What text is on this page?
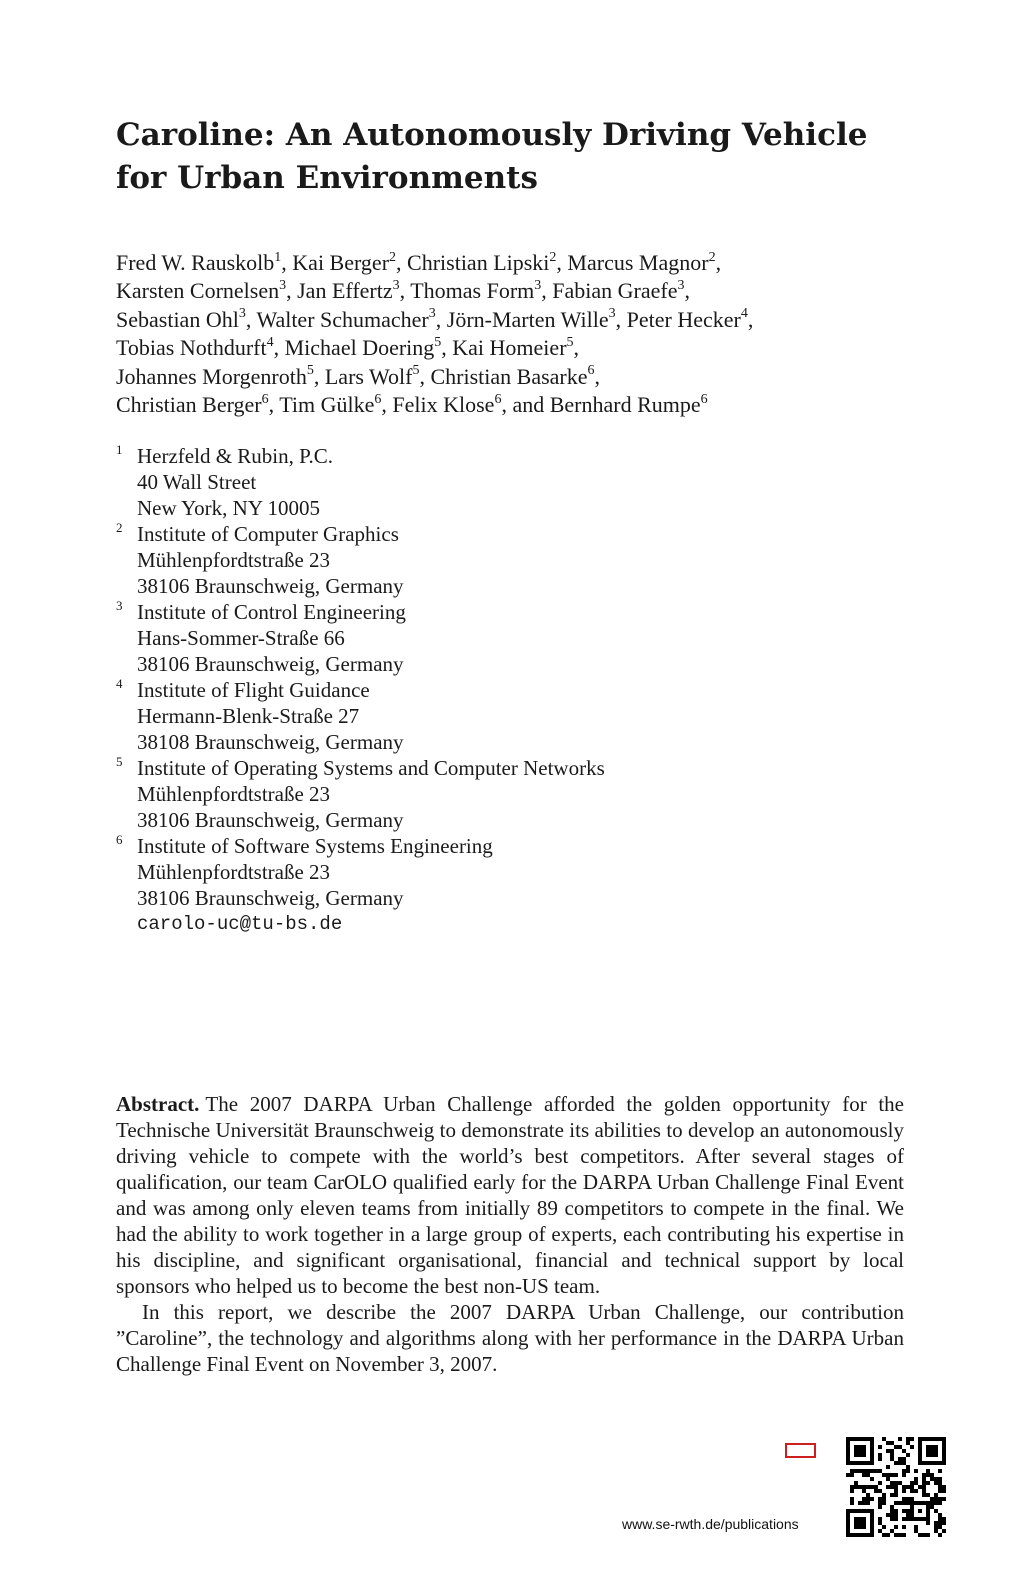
Caroline: An Autonomously Driving Vehicle for Urban Environments
Fred W. Rauskolb$^1$, Kai Berger$^2$, Christian Lipski$^2$, Marcus Magnor$^2$,
Karsten Cornelsen$^3$, Jan Effertz$^3$, Thomas Form$^3$, Fabian Graefe$^3$,
Sebastian Ohl$^3$, Walter Schumacher$^3$, Jörn-Marten Wille$^3$, Peter Hecker$^4$,
Tobias Nothdurft$^4$, Michael Doering$^5$, Kai Homeier$^5$,
Johannes Morgenroth$^5$, Lars Wolf$^5$, Christian Basarke$^6$,
Christian Berger$^6$, Tim Gülke$^6$, Felix Klose$^6$, and Bernhard Rumpe$^6$
1 Herzfeld & Rubin, P.C.
40 Wall Street
New York, NY 10005
2 Institute of Computer Graphics
Mühlenpfordtstraße 23
38106 Braunschweig, Germany
3 Institute of Control Engineering
Hans-Sommer-Straße 66
38106 Braunschweig, Germany
4 Institute of Flight Guidance
Hermann-Blenk-Straße 27
38108 Braunschweig, Germany
5 Institute of Operating Systems and Computer Networks
Mühlenpfordtstraße 23
38106 Braunschweig, Germany
6 Institute of Software Systems Engineering
Mühlenpfordtstraße 23
38106 Braunschweig, Germany
carolo-uc@tu-bs.de

Abstract. The 2007 DARPA Urban Challenge afforded the golden opportunity for the Technische Universität Braunschweig to demonstrate its abilities to develop an autonomously driving vehicle to compete with the world’s best competitors. After several stages of qualification, our team CarOLO qualified early for the DARPA Urban Challenge Final Event and was among only eleven teams from initially 89 competitors to compete in the final. We had the ability to work together in a large group of experts, each contributing his expertise in his discipline, and significant organisational, financial and technical support by local sponsors who helped us to become the best non-US team.

In this report, we describe the 2007 DARPA Urban Challenge, our contribution ”Caroline”, the technology and algorithms along with her performance in the DARPA Urban Challenge Final Event on November 3, 2007.

www.se-rwth.de/publications
